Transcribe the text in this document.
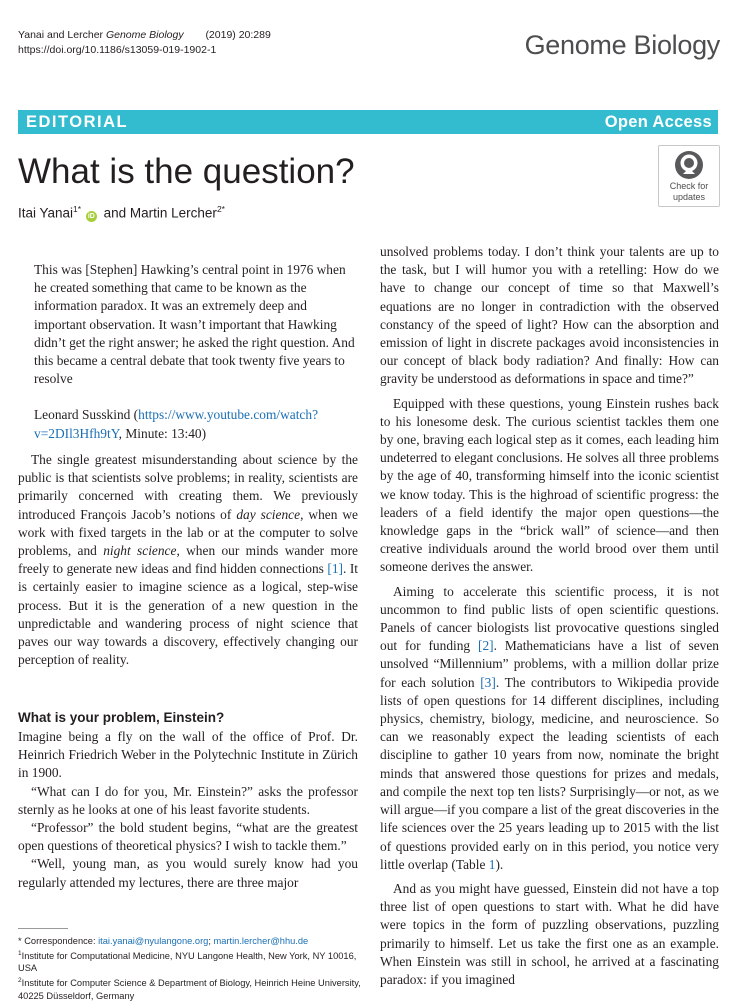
Yanai and Lercher Genome Biology (2019) 20:289
https://doi.org/10.1186/s13059-019-1902-1	Genome Biology
EDITORIAL	Open Access
What is the question?
Itai Yanai$^{1*}$ iD and Martin Lercher$^{2*}$
Check for
updates

This was [Stephen] Hawking’s central point in 1976 when he created something that came to be known as the information paradox. It was an extremely deep and important observation. It wasn’t important that Hawking didn’t get the right answer; he asked the right question. And this became a central debate that took twenty five years to resolve

Leonard Susskind (https://www.youtube.com/watch?v=2DIl3Hfh9tY, Minute: 13:40)

The single greatest misunderstanding about science by the public is that scientists solve problems; in reality, scientists are primarily concerned with creating them. We previously introduced François Jacob’s notions of day science, when we work with fixed targets in the lab or at the computer to solve problems, and night science, when our minds wander more freely to generate new ideas and find hidden connections [1]. It is certainly easier to imagine science as a logical, step-wise process. But it is the generation of a new question in the unpredictable and wandering process of night science that paves our way towards a discovery, effectively changing our perception of reality.

What is your problem, Einstein?

Imagine being a fly on the wall of the office of Prof. Dr. Heinrich Friedrich Weber in the Polytechnic Institute in Zürich in 1900.

“What can I do for you, Mr. Einstein?” asks the professor sternly as he looks at one of his least favorite students.

“Professor” the bold student begins, “what are the greatest open questions of theoretical physics? I wish to tackle them.”

“Well, young man, as you would surely know had you regularly attended my lectures, there are three major

unsolved problems today. I don’t think your talents are up to the task, but I will humor you with a retelling: How do we have to change our concept of time so that Maxwell’s equations are no longer in contradiction with the observed constancy of the speed of light? How can the absorption and emission of light in discrete packages avoid inconsistencies in our concept of black body radiation? And finally: How can gravity be understood as deformations in space and time?”

Equipped with these questions, young Einstein rushes back to his lonesome desk. The curious scientist tackles them one by one, braving each logical step as it comes, each leading him undeterred to elegant conclusions. He solves all three problems by the age of 40, transforming himself into the iconic scientist we know today. This is the highroad of scientific progress: the leaders of a field identify the major open questions—the knowledge gaps in the “brick wall” of science—and then creative individuals around the world brood over them until someone derives the answer.

Aiming to accelerate this scientific process, it is not uncommon to find public lists of open scientific questions. Panels of cancer biologists list provocative questions singled out for funding [2]. Mathematicians have a list of seven unsolved “Millennium” problems, with a million dollar prize for each solution [3]. The contributors to Wikipedia provide lists of open questions for 14 different disciplines, including physics, chemistry, biology, medicine, and neuroscience. So can we reasonably expect the leading scientists of each discipline to gather 10 years from now, nominate the bright minds that answered those questions for prizes and medals, and compile the next top ten lists? Surprisingly—or not, as we will argue—if you compare a list of the great discoveries in the life sciences over the 25 years leading up to 2015 with the list of questions provided early on in this period, you notice very little overlap (Table 1).

And as you might have guessed, Einstein did not have a top three list of open questions to start with. What he did have were topics in the form of puzzling observations, puzzling primarily to himself. Let us take the first one as an example. When Einstein was still in school, he arrived at a fascinating paradox: if you imagined

* Correspondence: itai.yanai@nyulangone.org; martin.lercher@hhu.de

$^1$Institute for Computational Medicine, NYU Langone Health, New York, NY 10016, USA

$^2$Institute for Computer Science & Department of Biology, Heinrich Heine University, 40225 Düsseldorf, Germany
